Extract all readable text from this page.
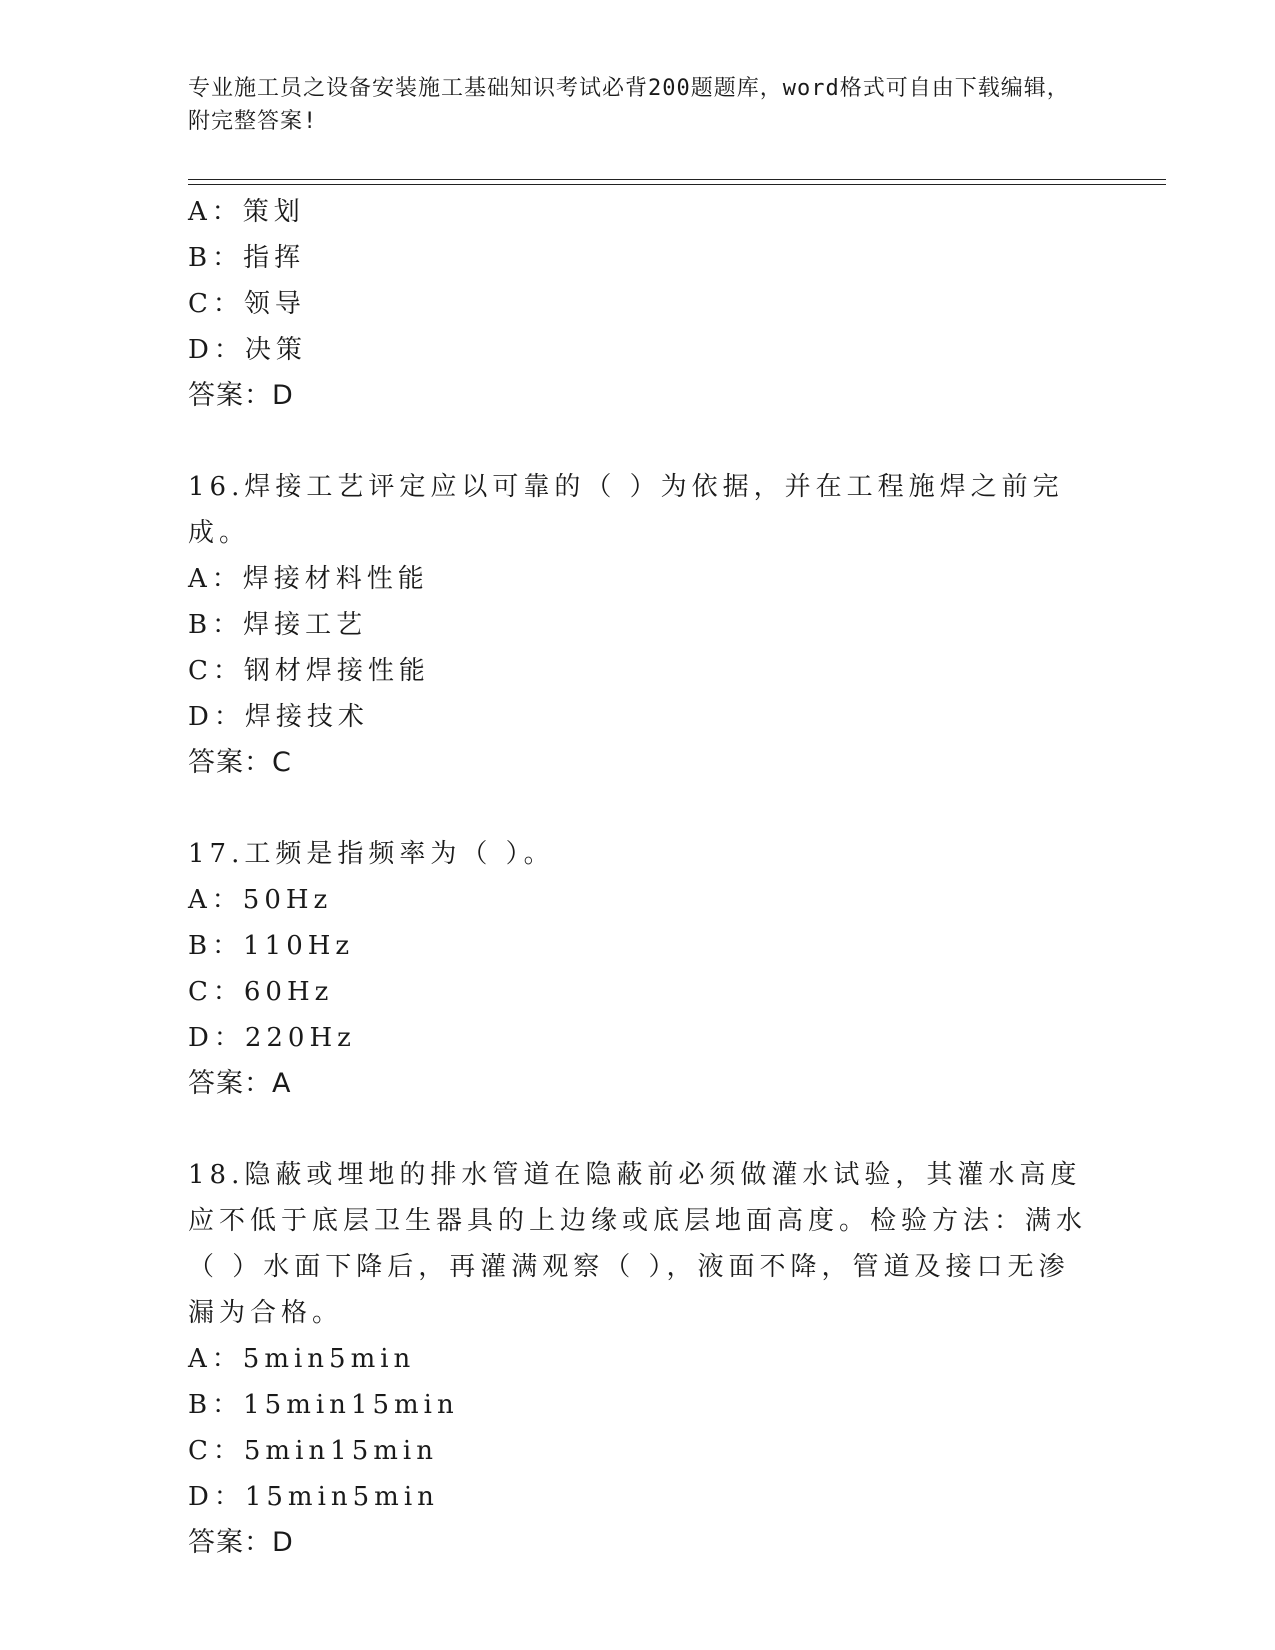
专业施工员之设备安装施工基础知识考试必背200题题库，word格式可自由下载编辑，附完整答案!
A：策划
B：指挥
C：领导
D：决策
答案：D
16.焊接工艺评定应以可靠的（ ）为依据，并在工程施焊之前完成。
A：焊接材料性能
B：焊接工艺
C：钢材焊接性能
D：焊接技术
答案：C
17.工频是指频率为（ ）。
A：50Hz
B：110Hz
C：60Hz
D：220Hz
答案：A
18.隐蔽或埋地的排水管道在隐蔽前必须做灌水试验，其灌水高度应不低于底层卫生器具的上边缘或底层地面高度。检验方法：满水（ ）水面下降后，再灌满观察（ ），液面不降，管道及接口无渗漏为合格。
A：5min5min
B：15min15min
C：5min15min
D：15min5min
答案：D
